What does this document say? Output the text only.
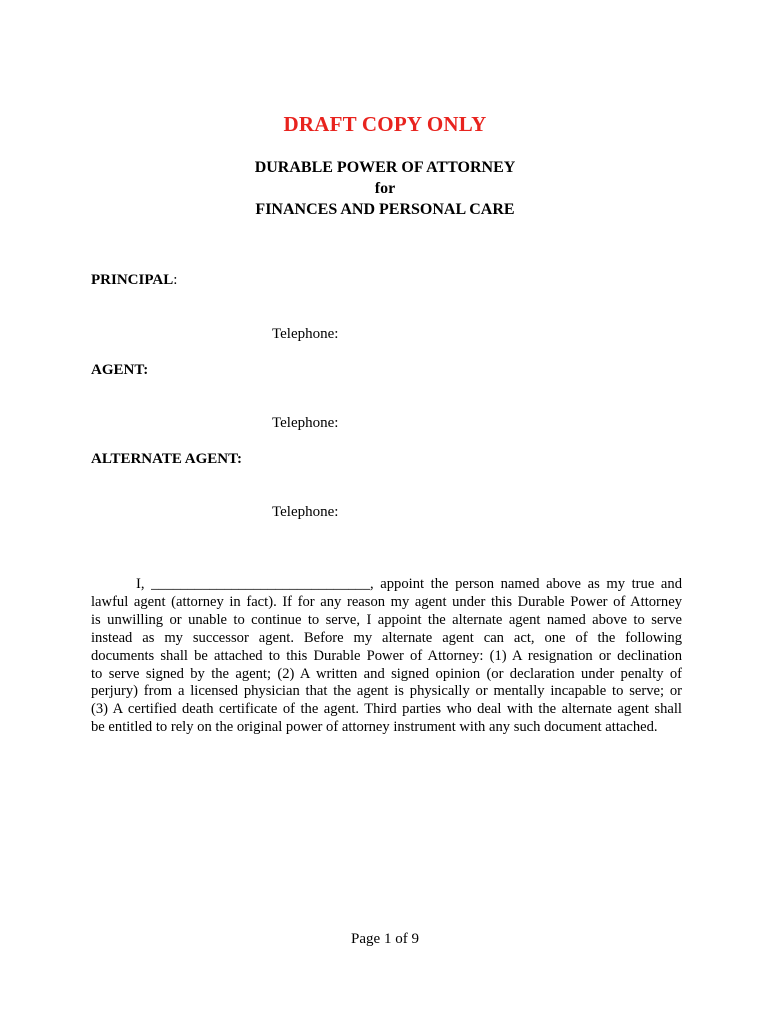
DRAFT COPY ONLY
DURABLE POWER OF ATTORNEY
for
FINANCES AND PERSONAL CARE
PRINCIPAL:
Telephone:
AGENT:
Telephone:
ALTERNATE AGENT:
Telephone:
I, ______________________________, appoint the person named above as my true and
lawful agent (attorney in fact). If for any reason my agent under this Durable Power of Attorney
is unwilling or unable to continue to serve, I appoint the alternate agent named above to serve
instead as my successor agent. Before my alternate agent can act, one of the following
documents shall be attached to this Durable Power of Attorney: (1) A resignation or declination
to serve signed by the agent; (2) A written and signed opinion (or declaration under penalty of
perjury) from a licensed physician that the agent is physically or mentally incapable to serve; or
(3) A certified death certificate of the agent. Third parties who deal with the alternate agent shall
be entitled to rely on the original power of attorney instrument with any such document attached.
Page 1 of 9
